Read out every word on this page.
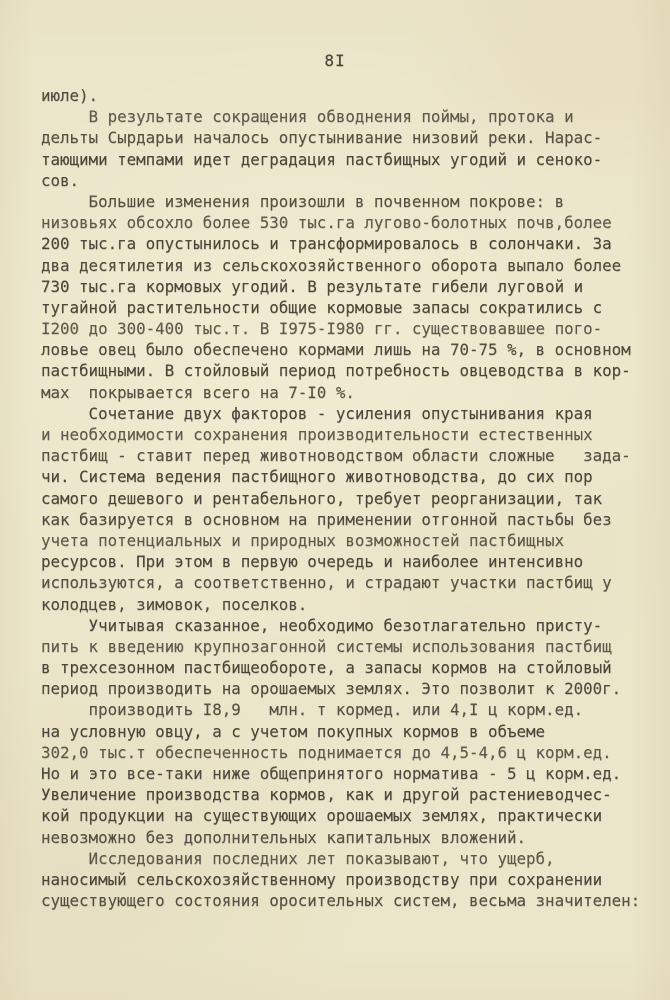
8I
июле).
В результате сокращения обводнения поймы, протока и
дельты Сырдарьи началось опустынивание низовий реки. Нарас-
тающими темпами идет деградация пастбищных угодий и сеноко-
сов.
Большие изменения произошли в почвенном покрове: в
низовьях обсохло более 530 тыс.га лугово-болотных почв,более
200 тыс.га опустынилось и трансформировалось в солончаки. За
два десятилетия из сельскохозяйственного оборота выпало более
730 тыс.га кормовых угодий. В результате гибели луговой и
тугайной растительности общие кормовые запасы сократились с
I200 до 300-400 тыс.т. В I975-I980 гг. существовавшее пого-
ловье овец было обеспечено кормами лишь на 70-75 %, в основном
пастбищными. В стойловый период потребность овцеводства в кор-
мах  покрывается всего на 7-I0 %.
Сочетание двух факторов - усиления опустынивания края
и необходимости сохранения производительности естественных
пастбищ - ставит перед животноводством области сложные   зада-
чи. Система ведения пастбищного животноводства, до сих пор
самого дешевого и рентабельного, требует реорганизации, так
как базируется в основном на применении отгонной пастьбы без
учета потенциальных и природных возможностей пастбищных
ресурсов. При этом в первую очередь и наиболее интенсивно
используются, а соответственно, и страдают участки пастбищ у
колодцев, зимовок, поселков.
Учитывая сказанное, необходимо безотлагательно присту-
пить к введению крупнозагонной системы использования пастбищ
в трехсезонном пастбищеобороте, а запасы кормов на стойловый
период производить на орошаемых землях. Это позволит к 2000г.
производить I8,9   млн. т кормед. или 4,I ц корм.ед.
на условную овцу, а с учетом покупных кормов в объеме
302,0 тыс.т обеспеченность поднимается до 4,5-4,6 ц корм.ед.
Но и это все-таки ниже общепринятого норматива - 5 ц корм.ед.
Увеличение производства кормов, как и другой растениеводчес-
кой продукции на существующих орошаемых землях, практически
невозможно без дополнительных капитальных вложений.
Исследования последних лет показывают, что ущерб,
наносимый сельскохозяйственному производству при сохранении
существующего состояния оросительных систем, весьма значителен:
